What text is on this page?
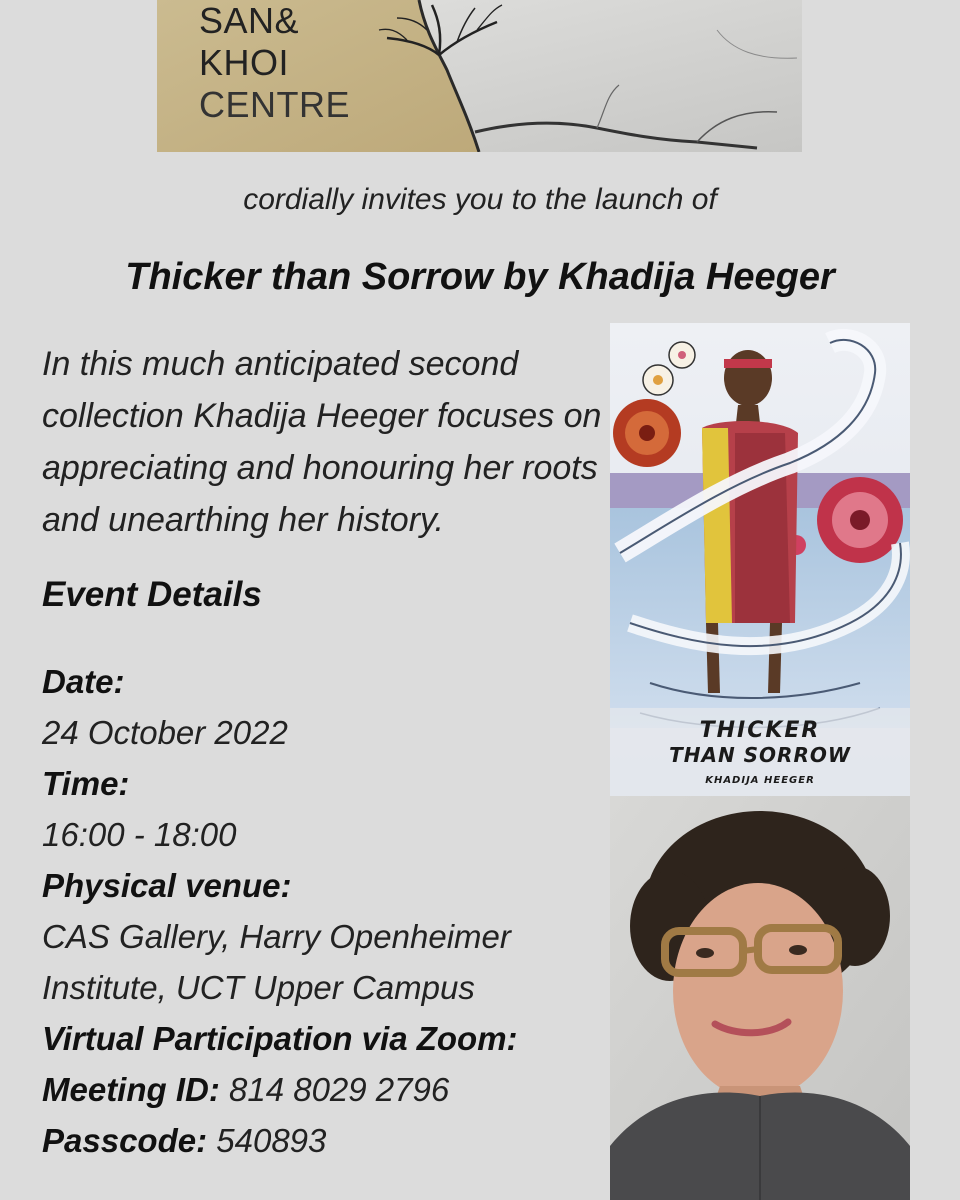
SAN&
KHOI
CENTRE
cordially invites you to the launch of
Thicker than Sorrow by Khadija Heeger
In this much anticipated second collection Khadija Heeger focuses on appreciating and honouring her roots and unearthing her history.
Event Details
Date:
24 October 2022
Time:
16:00 - 18:00
Physical venue:
CAS Gallery, Harry Openheimer
Institute, UCT Upper Campus
Virtual Participation via Zoom:
Meeting ID: 814 8029 2796
Passcode: 540893
THICKER
THAN SORROW
KHADIJA HEEGER
